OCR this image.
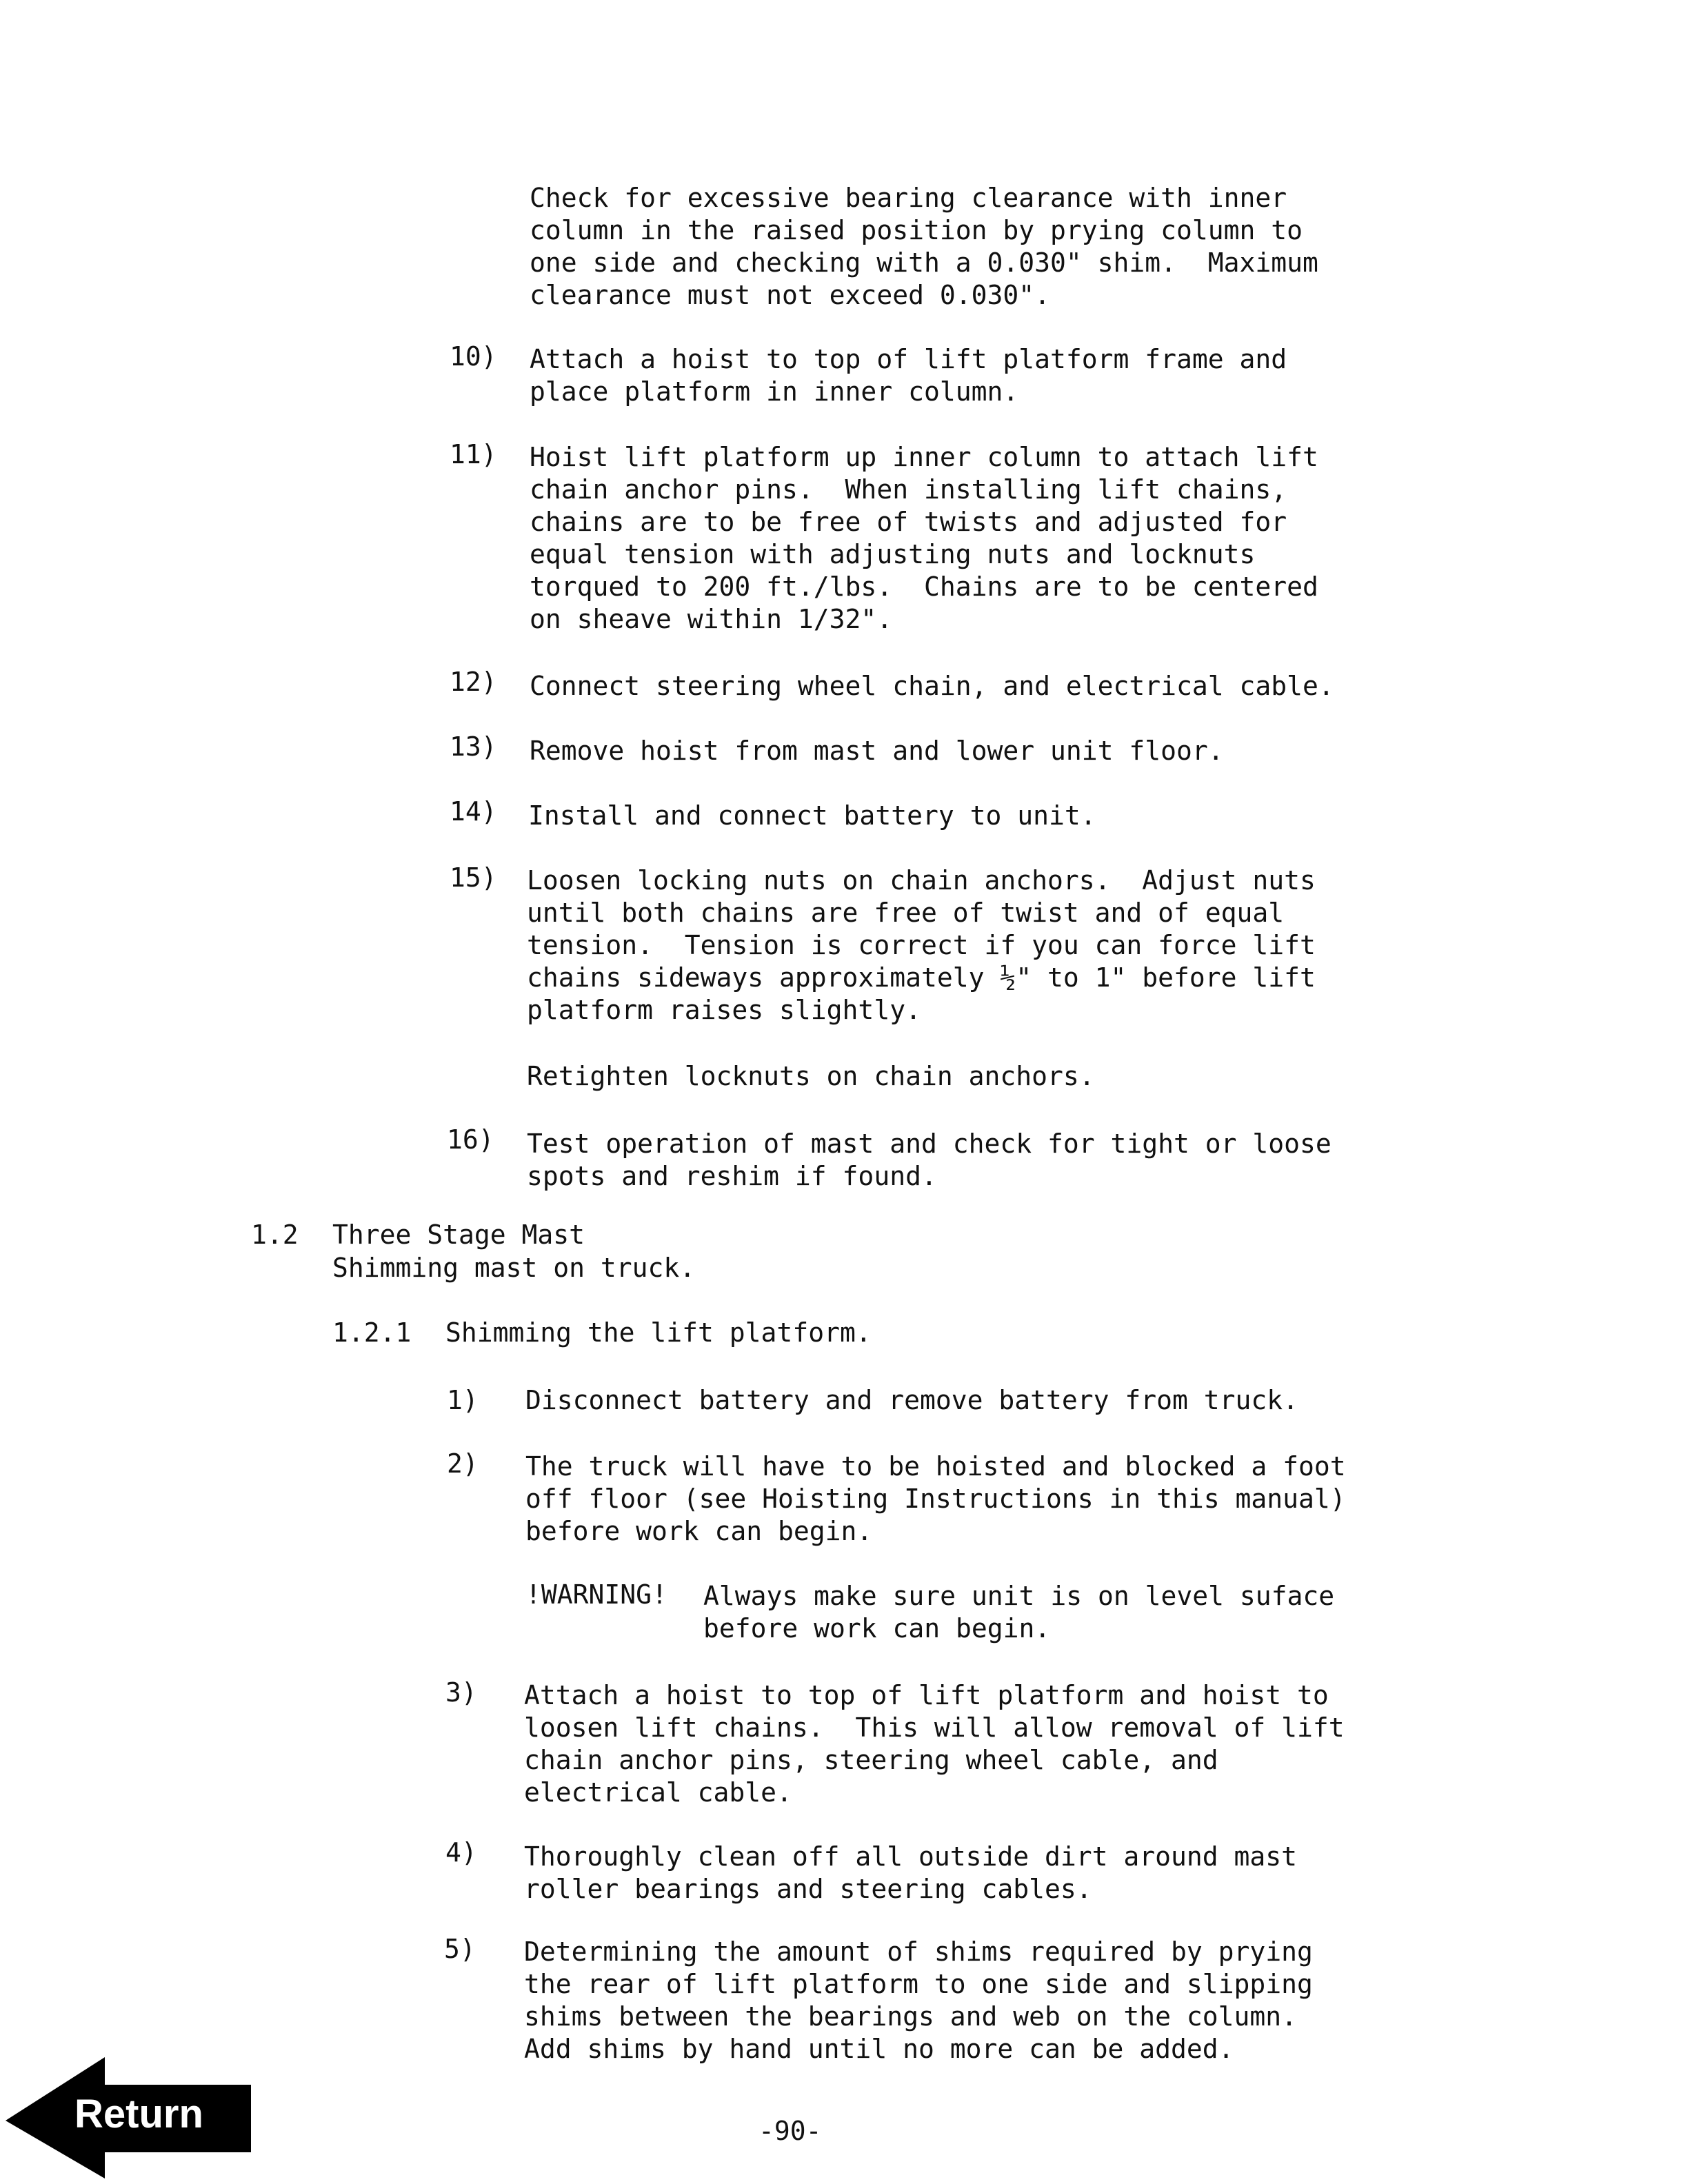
Check for excessive bearing clearance with inner
column in the raised position by prying column to
one side and checking with a 0.030" shim.  Maximum
clearance must not exceed 0.030".
10) Attach a hoist to top of lift platform frame and
place platform in inner column.
11) Hoist lift platform up inner column to attach lift
chain anchor pins.  When installing lift chains,
chains are to be free of twists and adjusted for
equal tension with adjusting nuts and locknuts
torqued to 200 ft./lbs.  Chains are to be centered
on sheave within 1/32".
12) Connect steering wheel chain, and electrical cable.
13) Remove hoist from mast and lower unit floor.
14) Install and connect battery to unit.
15) Loosen locking nuts on chain anchors.  Adjust nuts
until both chains are free of twist and of equal
tension.  Tension is correct if you can force lift
chains sideways approximately ½" to 1" before lift
platform raises slightly.
Retighten locknuts on chain anchors.
16) Test operation of mast and check for tight or loose
spots and reshim if found.
1.2 Three Stage Mast
Shimming mast on truck.
1.2.1 Shimming the lift platform.
1) Disconnect battery and remove battery from truck.
2) The truck will have to be hoisted and blocked a foot
off floor (see Hoisting Instructions in this manual)
before work can begin.
!WARNING! Always make sure unit is on level suface
before work can begin.
3) Attach a hoist to top of lift platform and hoist to
loosen lift chains.  This will allow removal of lift
chain anchor pins, steering wheel cable, and
electrical cable.
4) Thoroughly clean off all outside dirt around mast
roller bearings and steering cables.
5) Determining the amount of shims required by prying
the rear of lift platform to one side and slipping
shims between the bearings and web on the column.
Add shims by hand until no more can be added.
Return	-90-
